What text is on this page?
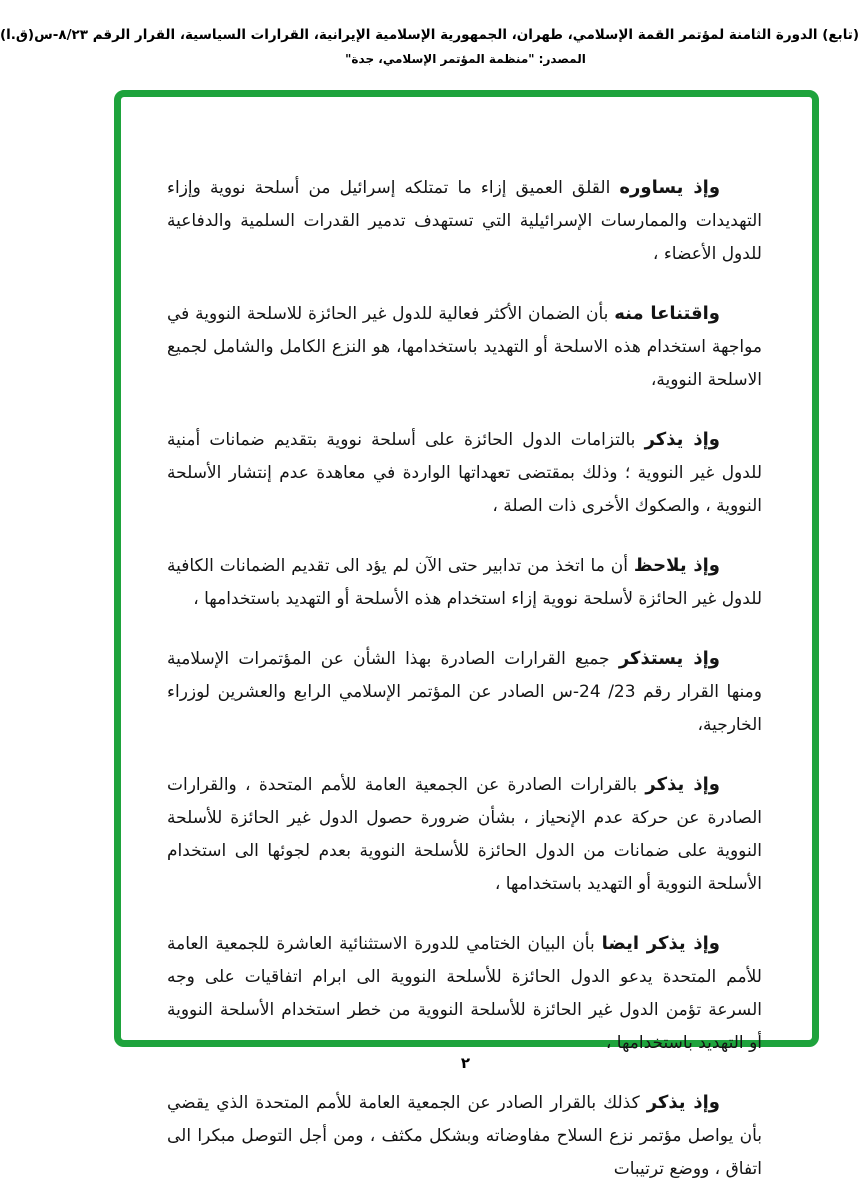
(تابع) الدورة الثامنة لمؤتمر القمة الإسلامي، طهران، الجمهورية الإسلامية الإيرانية، القرارات السياسية، القرار الرقم ٨/٢٣-س(ق.ا)
المصدر: "منظمة المؤتمر الإسلامي، جدة"

وإذ يساوره القلق العميق إزاء ما تمتلكه إسرائيل من أسلحة نووية وإزاء التهديدات والممارسات الإسرائيلية التي تستهدف تدمير القدرات السلمية والدفاعية للدول الأعضاء ،

واقتناعا منه بأن الضمان الأكثر فعالية للدول غير الحائزة للاسلحة النووية في مواجهة استخدام هذه الاسلحة أو التهديد باستخدامها، هو النزع الكامل والشامل لجميع الاسلحة النووية،

وإذ يذكر بالتزامات الدول الحائزة على أسلحة نووية بتقديم ضمانات أمنية للدول غير النووية ؛ وذلك بمقتضى تعهداتها الواردة في معاهدة عدم إنتشار الأسلحة النووية ، والصكوك الأخرى ذات الصلة ،

وإذ يلاحظ أن ما اتخذ من تدابير حتى الآن لم يؤد الى تقديم الضمانات الكافية للدول غير الحائزة لأسلحة نووية إزاء استخدام هذه الأسلحة أو التهديد باستخدامها ،

وإذ يستذكر جميع القرارات الصادرة بهذا الشأن عن المؤتمرات الإسلامية ومنها القرار رقم 23/ 24-س الصادر عن المؤتمر الإسلامي الرابع والعشرين لوزراء الخارجية،

وإذ يذكر بالقرارات الصادرة عن الجمعية العامة للأمم المتحدة ، والقرارات الصادرة عن حركة عدم الإنحياز ، بشأن ضرورة حصول الدول غير الحائزة للأسلحة النووية على ضمانات من الدول الحائزة للأسلحة النووية بعدم لجوئها الى استخدام الأسلحة النووية أو التهديد باستخدامها ،

وإذ يذكر ايضا بأن البيان الختامي للدورة الاستثنائية العاشرة للجمعية العامة للأمم المتحدة يدعو الدول الحائزة للأسلحة النووية الى ابرام اتفاقيات على وجه السرعة تؤمن الدول غير الحائزة للأسلحة النووية من خطر استخدام الأسلحة النووية أو التهديد باستخدامها ،

وإذ يذكر كذلك بالقرار الصادر عن الجمعية العامة للأمم المتحدة الذي يقضي بأن يواصل مؤتمر نزع السلاح مفاوضاته وبشكل مكثف ، ومن أجل التوصل مبكرا الى اتفاق ، ووضع ترتيبات

٢
